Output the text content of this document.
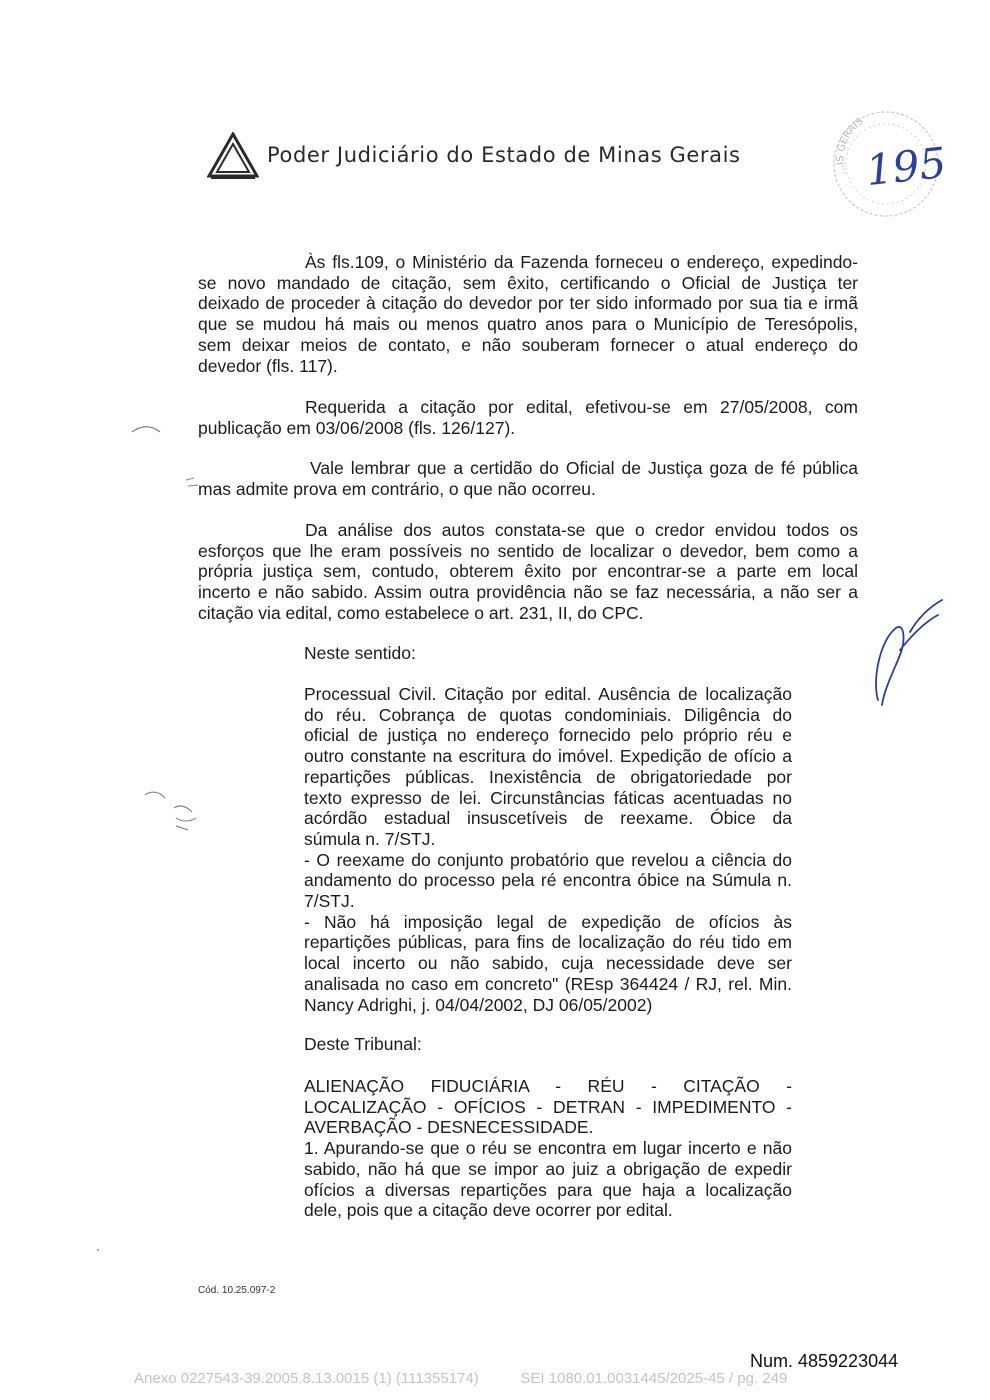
Poder Judiciário do Estado de Minas Gerais
...IS GERAIS
195
Às fls.109, o Ministério da Fazenda forneceu o endereço, expedindo-
se novo mandado de citação, sem êxito, certificando o Oficial de Justiça ter
deixado de proceder à citação do devedor por ter sido informado por sua tia e irmã
que se mudou há mais ou menos quatro anos para o Município de Teresópolis,
sem deixar meios de contato, e não souberam fornecer o atual endereço do
devedor (fls. 117).
Requerida a citação por edital, efetivou-se em 27/05/2008, com
publicação em 03/06/2008 (fls. 126/127).
Vale lembrar que a certidão do Oficial de Justiça goza de fé pública
mas admite prova em contrário, o que não ocorreu.
Da análise dos autos constata-se que o credor envidou todos os
esforços que lhe eram possíveis no sentido de localizar o devedor, bem como a
própria justiça sem, contudo, obterem êxito por encontrar-se a parte em local
incerto e não sabido. Assim outra providência não se faz necessária, a não ser a
citação via edital, como estabelece o art. 231, II, do CPC.
Neste sentido:
Processual Civil. Citação por edital. Ausência de localização
do réu. Cobrança de quotas condominiais. Diligência do
oficial de justiça no endereço fornecido pelo próprio réu e
outro constante na escritura do imóvel. Expedição de ofício a
repartições públicas. Inexistência de obrigatoriedade por
texto expresso de lei. Circunstâncias fáticas acentuadas no
acórdão estadual insuscetíveis de reexame. Óbice da
súmula n. 7/STJ.
- O reexame do conjunto probatório que revelou a ciência do
andamento do processo pela ré encontra óbice na Súmula n.
7/STJ.
- Não há imposição legal de expedição de ofícios às
repartições públicas, para fins de localização do réu tido em
local incerto ou não sabido, cuja necessidade deve ser
analisada no caso em concreto" (REsp 364424 / RJ, rel. Min.
Nancy Adrighi, j. 04/04/2002, DJ 06/05/2002)
Deste Tribunal:
ALIENAÇÃO FIDUCIÁRIA - RÉU - CITAÇÃO -
LOCALIZAÇÃO - OFÍCIOS - DETRAN - IMPEDIMENTO -
AVERBAÇÃO - DESNECESSIDADE.
1. Apurando-se que o réu se encontra em lugar incerto e não
sabido, não há que se impor ao juiz a obrigação de expedir
ofícios a diversas repartições para que haja a localização
dele, pois que a citação deve ocorrer por edital.
Cód. 10.25.097-2
Num. 4859223044
Anexo 0227543-39.2005.8.13.0015 (1) (111355174)	SEI 1080.01.0031445/2025-45 / pg. 249
